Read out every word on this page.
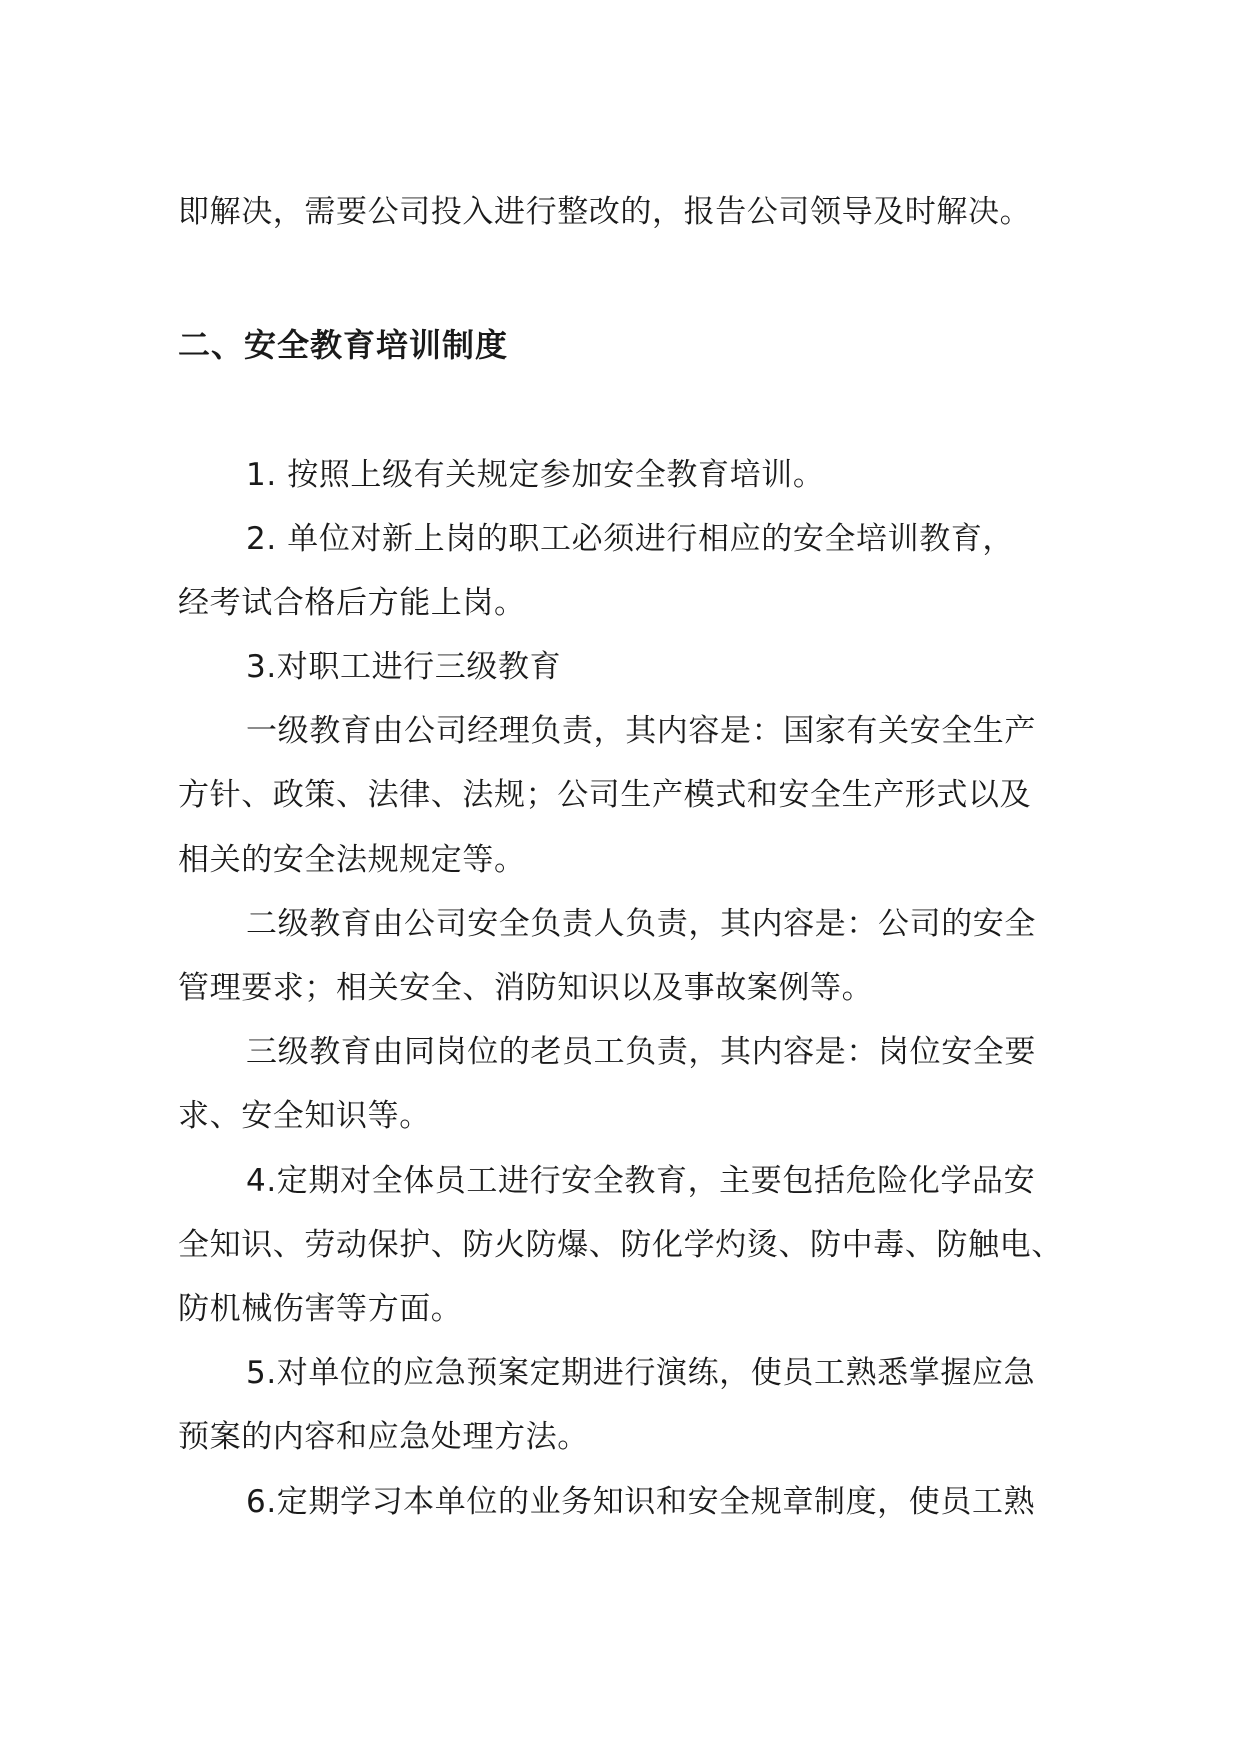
即解决，需要公司投入进行整改的，报告公司领导及时解决。
二、安全教育培训制度
1. 按照上级有关规定参加安全教育培训。
2. 单位对新上岗的职工必须进行相应的安全培训教育，
经考试合格后方能上岗。
3.对职工进行三级教育
一级教育由公司经理负责，其内容是：国家有关安全生产
方针、政策、法律、法规；公司生产模式和安全生产形式以及
相关的安全法规规定等。
二级教育由公司安全负责人负责，其内容是：公司的安全
管理要求；相关安全、消防知识以及事故案例等。
三级教育由同岗位的老员工负责，其内容是：岗位安全要
求、安全知识等。
4.定期对全体员工进行安全教育，主要包括危险化学品安
全知识、劳动保护、防火防爆、防化学灼烫、防中毒、防触电、
防机械伤害等方面。
5.对单位的应急预案定期进行演练，使员工熟悉掌握应急
预案的内容和应急处理方法。
6.定期学习本单位的业务知识和安全规章制度，使员工熟
